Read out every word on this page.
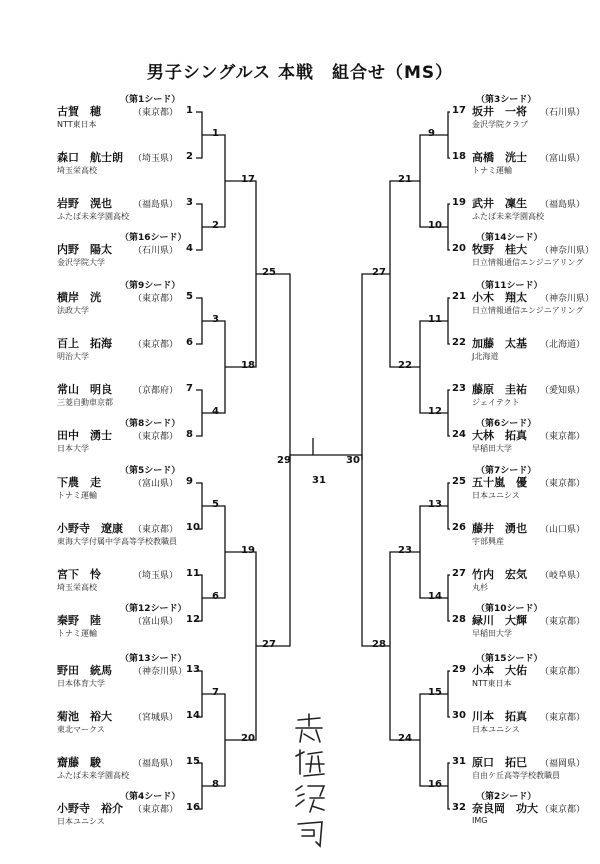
男子シングルス 本戦　組合せ（MS）
（第1シード）
古賀　穂	（東京都）
NTT東日本
1
森口　航士朗 （埼玉県）
埼玉栄高校
2
岩野　滉也 （福島県）
ふたば未来学園高校
3
（第16シード）
内野　陽太 （石川県）
金沢学院大学
4
（第9シード）
横岸　洸	（東京都）
法政大学
5
百上　拓海 （東京都）
明治大学
6
常山　明良 （京都府）
三菱自動車京都
7
（第8シード）
田中　湧士 （東京都）
日本大学
8
（第5シード）
下農　走	（富山県）
トナミ運輸
9
小野寺　遼康 （東京都）
東海大学付属中学高等学校教職員
10
宮下　怜	（埼玉県）
埼玉栄高校
11
（第12シード）
秦野　陸	（富山県）
トナミ運輸
12
（第13シード）
野田　統馬 （神奈川県）
日本体育大学
13
菊池　裕大 （宮城県）
東北マークス
14
齋藤　駿	（福島県）
ふたば未来学園高校
15
（第4シード）
小野寺　裕介 （東京都）
日本ユニシス
16
（第3シード）
17 坂井　一将 （石川県）
金沢学院クラブ
18 高橋　洸士 （富山県）
トナミ運輸
19 武井　凜生 （福島県）
ふたば未来学園高校
（第14シード）
20 牧野　桂大 （神奈川県）
日立情報通信エンジニアリング
（第11シード）
21 小木　翔太 （神奈川県）
日立情報通信エンジニアリング
22 加藤　太基 （北海道）
J北海道
23 藤原　圭祐 （愛知県）
ジェイテクト
（第6シード）
24 大林　拓真 （東京都）
早稲田大学
（第7シード）
25 五十嵐　優 （東京都）
日本ユニシス
26 藤井　湧也 （山口県）
宇部興産
27 竹内　宏気 （岐阜県）
丸杉
（第10シード）
28 緑川　大輝 （東京都）
早稲田大学
（第15シード）
29 小本　大佑 （東京都）
NTT東日本
30 川本　拓真 （東京都）
日本ユニシス
31 原口　拓巳 （福岡県）
自由ケ丘高等学校教職員
（第2シード）
32 奈良岡　功大 （東京都）
IMG
1
2
3
4
5
6
7
8
17
18
19
20
25
27
9
10
11
12
13
14
15
16
21
22
23
24
27
28
29	30
31
